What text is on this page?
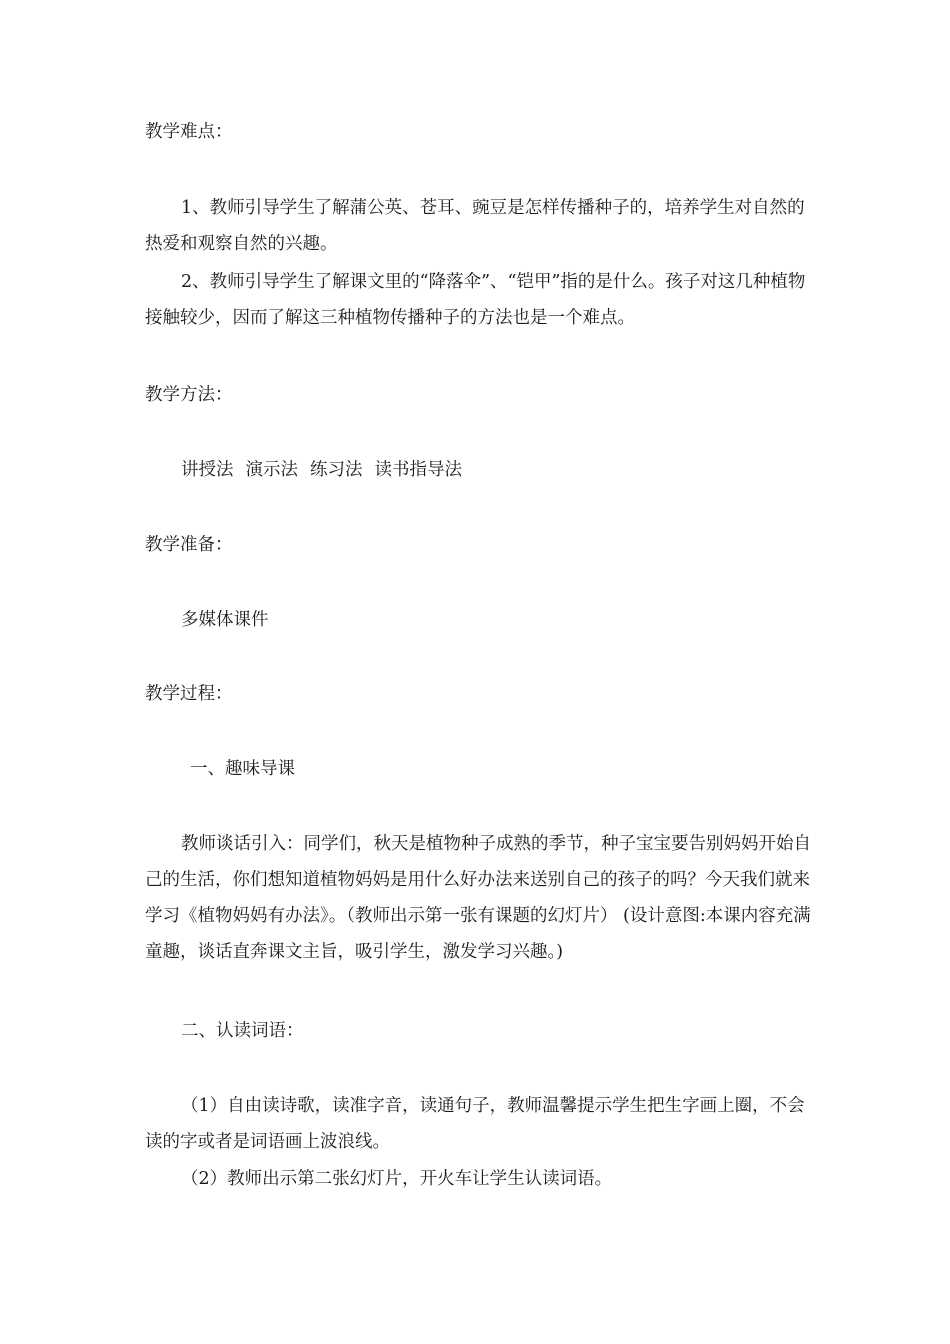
教学难点：

1、教师引导学生了解蒲公英、苍耳、豌豆是怎样传播种子的，培养学生对自然的热爱和观察自然的兴趣。

2、教师引导学生了解课文里的“降落伞”、“铠甲”指的是什么。孩子对这几种植物接触较少，因而了解这三种植物传播种子的方法也是一个难点。

教学方法：

讲授法 演示法 练习法 读书指导法

教学准备：

多媒体课件

教学过程：

一、趣味导课

教师谈话引入：同学们，秋天是植物种子成熟的季节，种子宝宝要告别妈妈开始自己的生活，你们想知道植物妈妈是用什么好办法来送别自己的孩子的吗？今天我们就来学习《植物妈妈有办法》。（教师出示第一张有课题的幻灯片） (设计意图:本课内容充满童趣，谈话直奔课文主旨，吸引学生，激发学习兴趣。)

二、认读词语：

（1）自由读诗歌，读准字音，读通句子，教师温馨提示学生把生字画上圈，不会读的字或者是词语画上波浪线。

（2）教师出示第二张幻灯片，开火车让学生认读词语。
